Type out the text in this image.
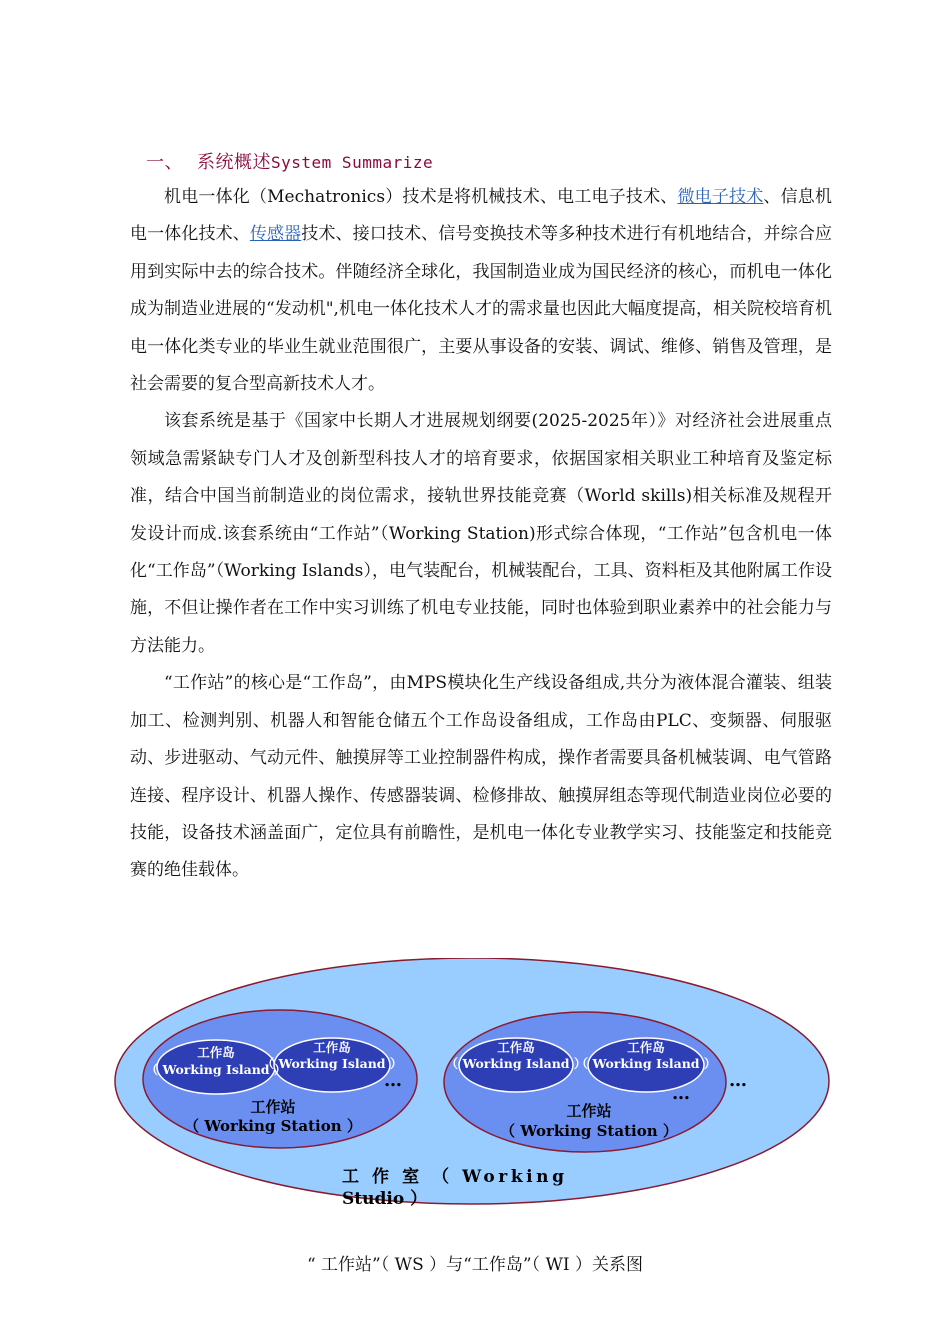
一、 系统概述System Summarize

机电一体化（Mechatronics）技术是将机械技术、电工电子技术、微电子技术、信息机电一体化技术、传感器技术、接口技术、信号变换技术等多种技术进行有机地结合，并综合应用到实际中去的综合技术。伴随经济全球化，我国制造业成为国民经济的核心，而机电一体化成为制造业进展的“发动机",机电一体化技术人才的需求量也因此大幅度提高，相关院校培育机电一体化类专业的毕业生就业范围很广，主要从事设备的安装、调试、维修、销售及管理，是社会需要的复合型高新技术人才。

该套系统是基于《国家中长期人才进展规划纲要(2025-2025年）》对经济社会进展重点领域急需紧缺专门人才及创新型科技人才的培育要求，依据国家相关职业工种培育及鉴定标准，结合中国当前制造业的岗位需求，接轨世界技能竞赛（World skills)相关标准及规程开发设计而成.该套系统由“工作站”（Working Station)形式综合体现，“工作站”包含机电一体化“工作岛”（Working Islands），电气装配台，机械装配台，工具、资料柜及其他附属工作设施，不但让操作者在工作中实习训练了机电专业技能，同时也体验到职业素养中的社会能力与方法能力。

“工作站”的核心是“工作岛”，由MPS模块化生产线设备组成,共分为液体混合灌装、组装加工、检测判别、机器人和智能仓储五个工作岛设备组成，工作岛由PLC、变频器、伺服驱动、步进驱动、气动元件、触摸屏等工业控制器件构成，操作者需要具备机械装调、电气管路连接、程序设计、机器人操作、传感器装调、检修排故、触摸屏组态等现代制造业岗位必要的技能，设备技术涵盖面广，定位具有前瞻性，是机电一体化专业教学实习、技能鉴定和技能竞赛的绝佳载体。

工作岛
（ Working Island ）
工作岛
（ Working Island ）
工作岛
（ Working Island ）
工作岛
（ Working Island ）
工作站
（ Working Station ）
工作站
（ Working Station ）
…
…
…
工 作 室 （ Working
Studio ）
“ 工作站”（ WS ）与“工作岛”（ WI ）关系图
